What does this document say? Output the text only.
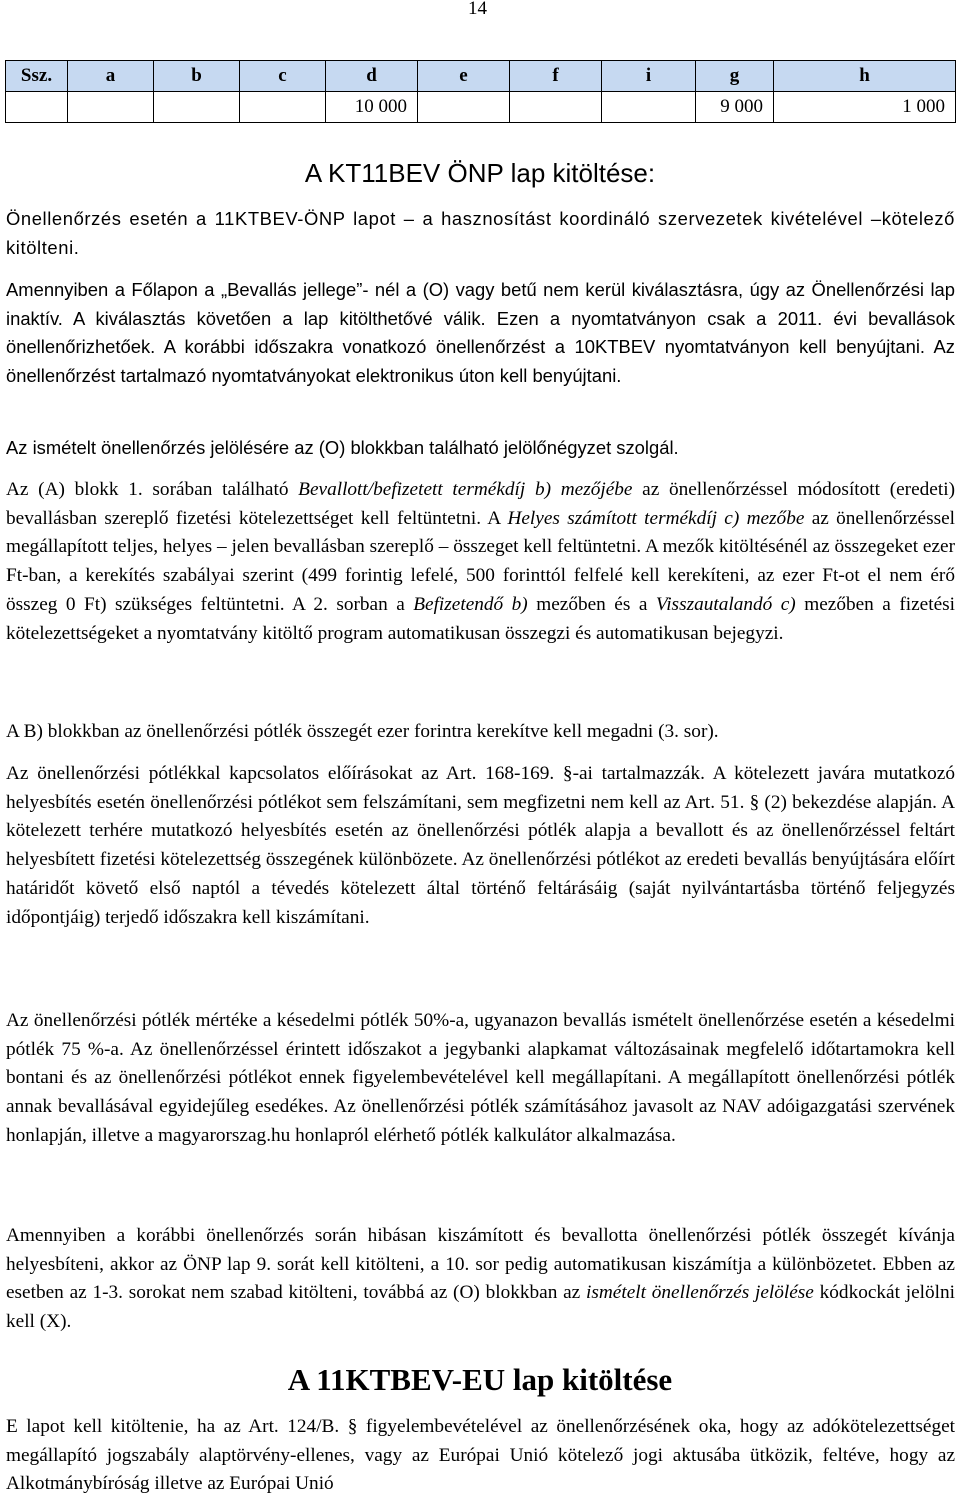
14
Ssz.	a	b	c	d	e	f	i	g	h
				10 000				9 000	1 000
A KT11BEV ÖNP lap kitöltése:

Önellenőrzés esetén a 11KTBEV-ÖNP lapot – a hasznosítást koordináló szervezetek kivételével –kötelező kitölteni.

Amennyiben a Főlapon a „Bevallás jellege”- nél a (O) vagy betű nem kerül kiválasztásra, úgy az Önellenőrzési lap inaktív. A kiválasztás követően a lap kitölthetővé válik. Ezen a nyomtatványon csak a 2011. évi bevallások önellenőrizhetőek. A korábbi időszakra vonatkozó önellenőrzést a 10KTBEV nyomtatványon kell benyújtani. Az önellenőrzést tartalmazó nyomtatványokat elektronikus úton kell benyújtani.

Az ismételt önellenőrzés jelölésére az (O) blokkban található jelölőnégyzet szolgál.

Az (A) blokk 1. sorában található Bevallott/befizetett termékdíj b) mezőjébe az önellenőrzéssel módosított (eredeti) bevallásban szereplő fizetési kötelezettséget kell feltüntetni. A Helyes számított termékdíj c) mezőbe az önellenőrzéssel megállapított teljes, helyes – jelen bevallásban szereplő – összeget kell feltüntetni. A mezők kitöltésénél az összegeket ezer Ft-ban, a kerekítés szabályai szerint (499 forintig lefelé, 500 forinttól felfelé kell kerekíteni, az ezer Ft-ot el nem érő összeg 0 Ft) szükséges feltüntetni. A 2. sorban a Befizetendő b) mezőben és a Visszautalandó c) mezőben a fizetési kötelezettségeket a nyomtatvány kitöltő program automatikusan összegzi és automatikusan bejegyzi.

A B) blokkban az önellenőrzési pótlék összegét ezer forintra kerekítve kell megadni (3. sor).

Az önellenőrzési pótlékkal kapcsolatos előírásokat az Art. 168-169. §-ai tartalmazzák. A kötelezett javára mutatkozó helyesbítés esetén önellenőrzési pótlékot sem felszámítani, sem megfizetni nem kell az Art. 51. § (2) bekezdése alapján. A kötelezett terhére mutatkozó helyesbítés esetén az önellenőrzési pótlék alapja a bevallott és az önellenőrzéssel feltárt helyesbített fizetési kötelezettség összegének különbözete. Az önellenőrzési pótlékot az eredeti bevallás benyújtására előírt határidőt követő első naptól a tévedés kötelezett által történő feltárásáig (saját nyilvántartásba történő feljegyzés időpontjáig) terjedő időszakra kell kiszámítani.

Az önellenőrzési pótlék mértéke a késedelmi pótlék 50%-a, ugyanazon bevallás ismételt önellenőrzése esetén a késedelmi pótlék 75 %-a. Az önellenőrzéssel érintett időszakot a jegybanki alapkamat változásainak megfelelő időtartamokra kell bontani és az önellenőrzési pótlékot ennek figyelembevételével kell megállapítani. A megállapított önellenőrzési pótlék annak bevallásával egyidejűleg esedékes. Az önellenőrzési pótlék számításához javasolt az NAV adóigazgatási szervének honlapján, illetve a magyarorszag.hu honlapról elérhető pótlék kalkulátor alkalmazása.

Amennyiben a korábbi önellenőrzés során hibásan kiszámított és bevallotta önellenőrzési pótlék összegét kívánja helyesbíteni, akkor az ÖNP lap 9. sorát kell kitölteni, a 10. sor pedig automatikusan kiszámítja a különbözetet. Ebben az esetben az 1-3. sorokat nem szabad kitölteni, továbbá az (O) blokkban az ismételt önellenőrzés jelölése kódkockát jelölni kell (X).

A 11KTBEV-EU lap kitöltése

E lapot kell kitöltenie, ha az Art. 124/B. § figyelembevételével az önellenőrzésének oka, hogy az adókötelezettséget megállapító jogszabály alaptörvény-ellenes, vagy az Európai Unió kötelező jogi aktusába ütközik, feltéve, hogy az Alkotmánybíróság illetve az Európai Unió
